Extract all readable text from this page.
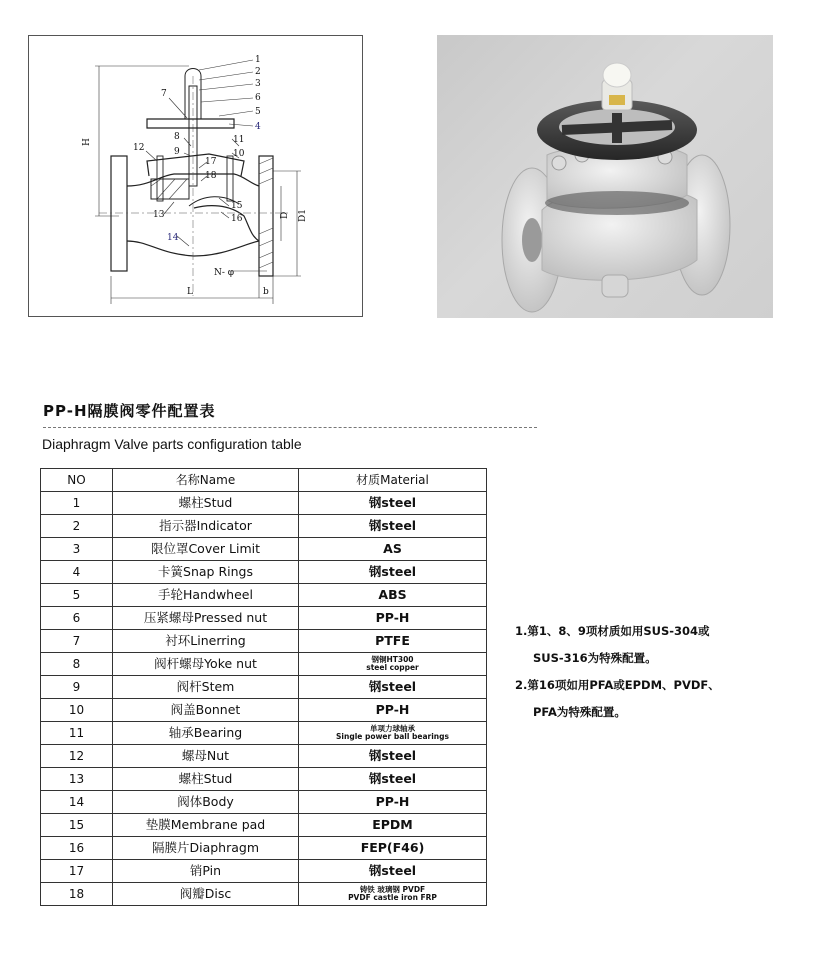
1
2
3
6
5
4
7
8
9
11
10
12
17
18
15
13	16
14
H
D D1
N- φ
L	b
PP-H隔膜阀零件配置表
Diaphragm Valve parts configuration table
NO	名称Name	材质Material
1	螺柱Stud	钢steel
2	指示器Indicator	钢steel
3	限位罩Cover Limit	AS
4	卡簧Snap Rings	钢steel
5	手轮Handwheel	ABS
6	压紧螺母Pressed nut	PP-H
7	衬环Linerring	PTFE
8	阀杆螺母Yoke nut	钢铜HT300
steel copper

9	阀杆Stem	钢steel
10	阀盖Bonnet	PP-H
11	轴承Bearing	单项力球轴承
Single power ball bearings

12	螺母Nut	钢steel
13	螺柱Stud	钢steel
14	阀体Body	PP-H
15	垫膜Membrane pad	EPDM
16	隔膜片Diaphragm	FEP(F46)
17	销Pin	钢steel
18	阀瓣Disc	铸铁 玻璃钢 PVDF
PVDF castle iron FRP
1.第1、8、9项材质如用SUS-304或
SUS-316为特殊配置。
2.第16项如用PFA或EPDM、PVDF、
PFA为特殊配置。
